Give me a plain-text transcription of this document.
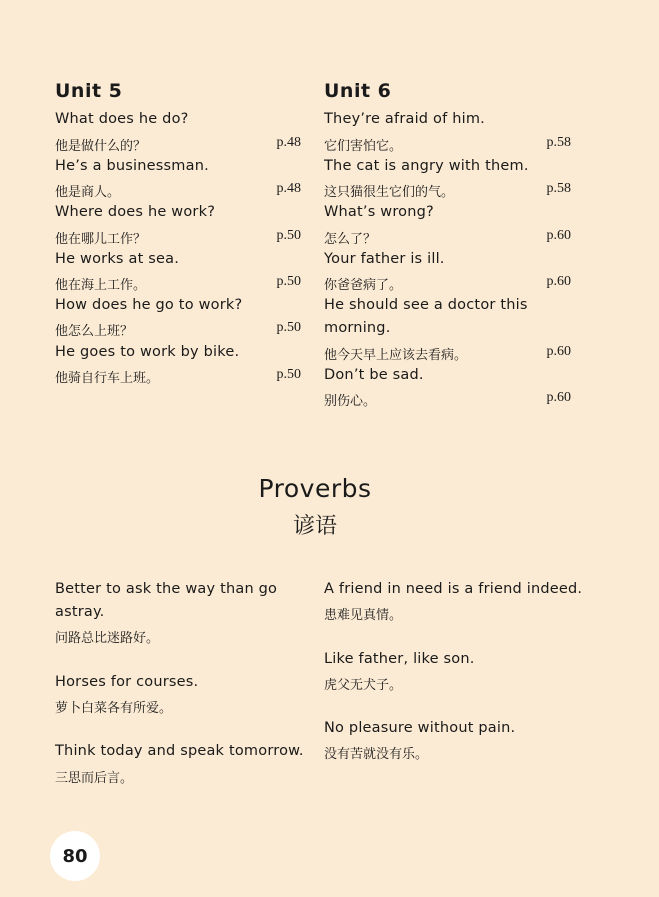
Unit 5
What does he do?
他是做什么的？	p.48
He’s a businessman.
他是商人。	p.48
Where does he work?
他在哪儿工作？	p.50
He works at sea.
他在海上工作。	p.50
How does he go to work?
他怎么上班？	p.50
He goes to work by bike.
他骑自行车上班。	p.50
Unit 6
They’re afraid of him.
它们害怕它。	p.58
The cat is angry with them.
这只猫很生它们的气。	p.58
What’s wrong?
怎么了？	p.60
Your father is ill.
你爸爸病了。	p.60
He should see a doctor this
morning.
他今天早上应该去看病。	p.60
Don’t be sad.
别伤心。	p.60
Proverbs
谚语
Better to ask the way than go
astray.
问路总比迷路好。
Horses for courses.
萝卜白菜各有所爱。
Think today and speak tomorrow.
三思而后言。
A friend in need is a friend indeed.
患难见真情。
Like father, like son.
虎父无犬子。
No pleasure without pain.
没有苦就没有乐。
80
